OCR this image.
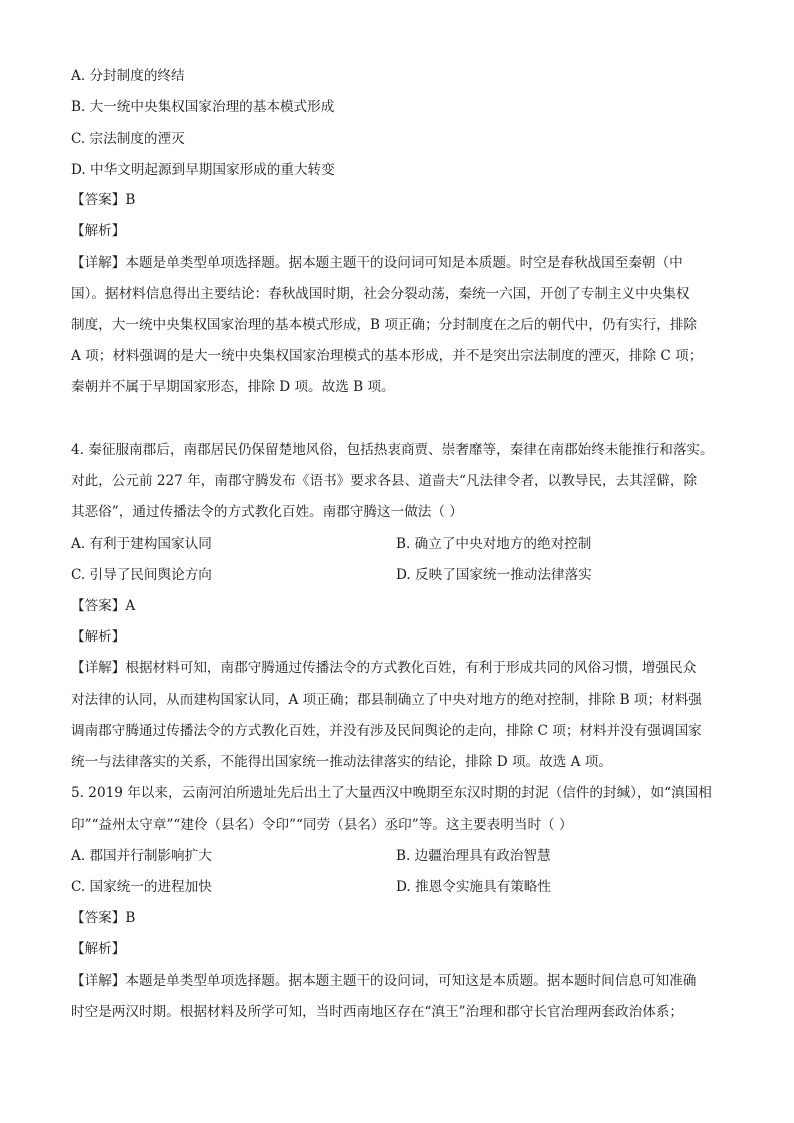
A. 分封制度的终结
B. 大一统中央集权国家治理的基本模式形成
C. 宗法制度的湮灭
D. 中华文明起源到早期国家形成的重大转变
【答案】B
【解析】
【详解】本题是单类型单项选择题。据本题主题干的设问词可知是本质题。时空是春秋战国至秦朝（中
国）。据材料信息得出主要结论：春秋战国时期，社会分裂动荡，秦统一六国，开创了专制主义中央集权
制度，大一统中央集权国家治理的基本模式形成，B 项正确；分封制度在之后的朝代中，仍有实行，排除
A 项；材料强调的是大一统中央集权国家治理模式的基本形成，并不是突出宗法制度的湮灭，排除 C 项；
秦朝并不属于早期国家形态，排除 D 项。故选 B 项。
4. 秦征服南郡后，南郡居民仍保留楚地风俗，包括热衷商贾、崇奢靡等，秦律在南郡始终未能推行和落实。
对此，公元前 227 年，南郡守腾发布《语书》要求各县、道啬夫“凡法律令者，以教导民，去其淫僻，除
其恶俗”，通过传播法令的方式教化百姓。南郡守腾这一做法（ ）
A. 有利于建构国家认同	B. 确立了中央对地方的绝对控制
C. 引导了民间舆论方向	D. 反映了国家统一推动法律落实
【答案】A
【解析】
【详解】根据材料可知，南郡守腾通过传播法令的方式教化百姓，有利于形成共同的风俗习惯，增强民众
对法律的认同，从而建构国家认同，A 项正确；郡县制确立了中央对地方的绝对控制，排除 B 项；材料强
调南郡守腾通过传播法令的方式教化百姓，并没有涉及民间舆论的走向，排除 C 项；材料并没有强调国家
统一与法律落实的关系，不能得出国家统一推动法律落实的结论，排除 D 项。故选 A 项。
5. 2019 年以来，云南河泊所遗址先后出土了大量西汉中晚期至东汉时期的封泥（信件的封缄），如“滇国相
印”“益州太守章”“建伶（县名）令印”“同劳（县名）丞印”等。这主要表明当时（ ）
A. 郡国并行制影响扩大	B. 边疆治理具有政治智慧
C. 国家统一的进程加快	D. 推恩令实施具有策略性
【答案】B
【解析】
【详解】本题是单类型单项选择题。据本题主题干的设问词，可知这是本质题。据本题时间信息可知准确
时空是两汉时期。根据材料及所学可知，当时西南地区存在“滇王”治理和郡守长官治理两套政治体系；
